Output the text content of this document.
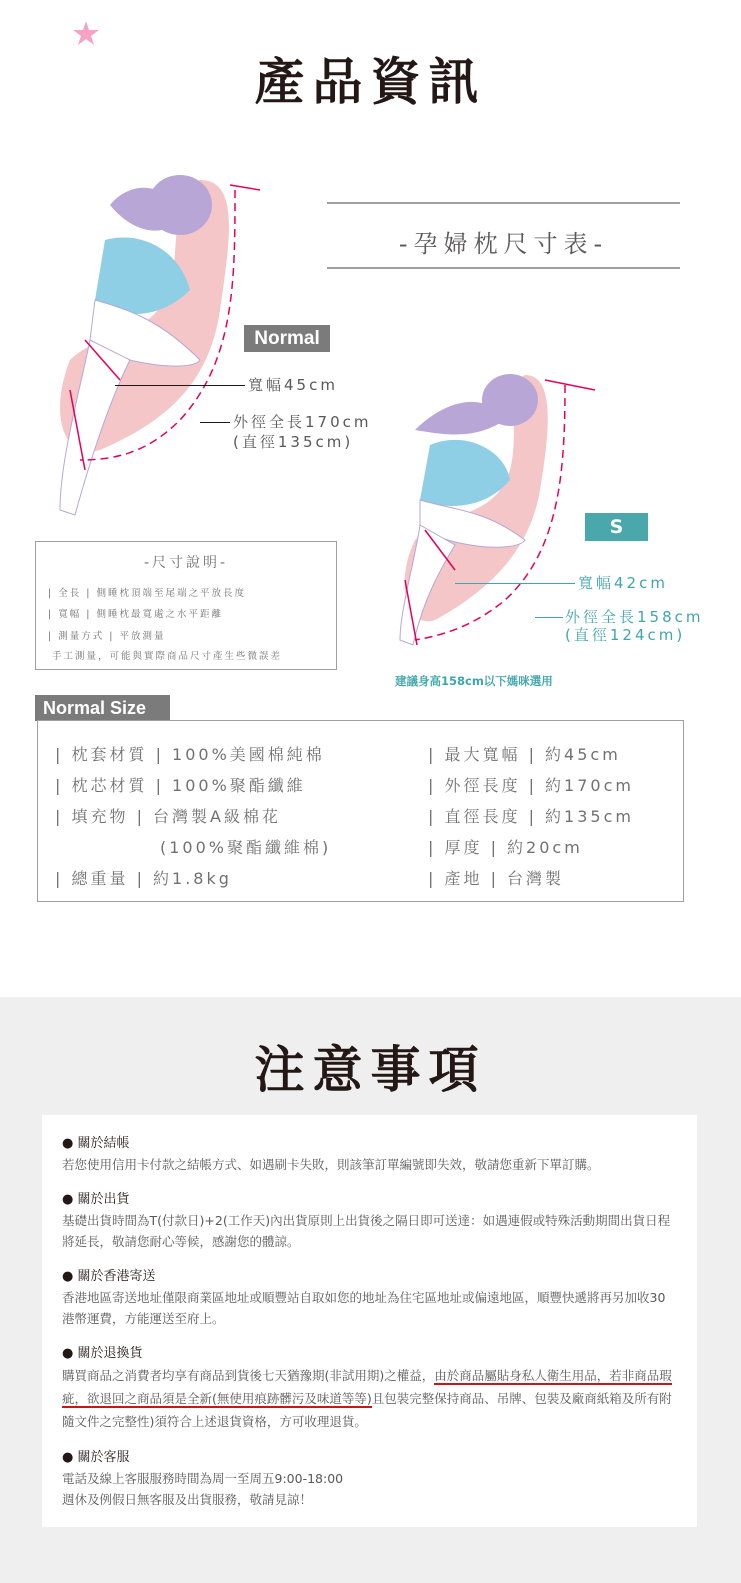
產品資訊
-孕婦枕尺寸表-
Normal
寬幅45cm
外徑全長170cm
(直徑135cm)
S
寬幅42cm
外徑全長158cm
(直徑124cm)
建議身高158cm以下媽咪選用
-尺寸說明-
| 全長 | 側睡枕頂端至尾端之平放長度
| 寬幅 | 側睡枕最寬處之水平距離
| 測量方式 | 平放測量
手工測量，可能與實際商品尺寸產生些微誤差
Normal Size
| 枕套材質 | 100%美國棉純棉
| 枕芯材質 | 100%聚酯纖維
| 填充物 | 台灣製A級棉花
(100%聚酯纖維棉)
| 總重量 | 約1.8kg
| 最大寬幅 | 約45cm
| 外徑長度 | 約170cm
| 直徑長度 | 約135cm
| 厚度 | 約20cm
| 產地 | 台灣製
注意事項
● 關於結帳

若您使用信用卡付款之結帳方式、如遇刷卡失敗，則該筆訂單編號即失效，敬請您重新下單訂購。

● 關於出貨

基礎出貨時間為T(付款日)+2(工作天)內出貨原則上出貨後之隔日即可送達：如遇連假或特殊活動期間出貨日程將延長，敬請您耐心等候，感謝您的體諒。

● 關於香港寄送

香港地區寄送地址僅限商業區地址或順豐站自取如您的地址為住宅區地址或偏遠地區，順豐快遞將再另加收30港幣運費，方能運送至府上。

● 關於退換貨

購買商品之消費者均享有商品到貨後七天猶豫期(非試用期)之權益，由於商品屬貼身私人衛生用品，若非商品瑕疵，欲退回之商品須是全新(無使用痕跡髒污及味道等等)且包裝完整保持商品、吊牌、包裝及廠商紙箱及所有附隨文件之完整性)須符合上述退貨資格，方可收理退貨。

● 關於客服

電話及線上客服服務時間為周一至周五9:00-18:00

週休及例假日無客服及出貨服務，敬請見諒！
